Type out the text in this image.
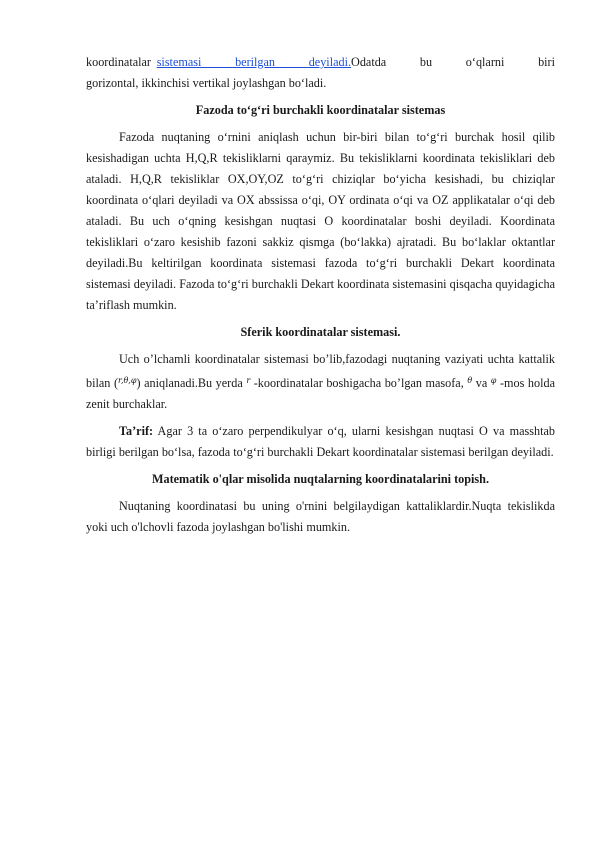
koordinatalar sistemasi berilgan deyiladi.Odatda bu o‘qlarni biri

gorizontal, ikkinchisi vertikal joylashgan bo‘ladi.

Fazoda to‘g‘ri burchakli koordinatalar sistemas

Fazoda nuqtaning o‘rnini aniqlash uchun bir-biri bilan to‘g‘ri burchak hosil qilib kesishadigan uchta H,Q,R tekisliklarni qaraymiz. Bu tekisliklarni koordinata tekisliklari deb ataladi. H,Q,R tekisliklar OX,OY,OZ to‘g‘ri chiziqlar bo‘yicha kesishadi, bu chiziqlar koordinata o‘qlari deyiladi va OX abssissa o‘qi, OY ordinata o‘qi va OZ applikatalar o‘qi deb ataladi. Bu uch o‘qning kesishgan nuqtasi O koordinatalar boshi deyiladi. Koordinata tekisliklari o‘zaro kesishib fazoni sakkiz qismga (bo‘lakka) ajratadi. Bu bo‘laklar oktantlar deyiladi.Bu keltirilgan koordinata sistemasi fazoda to‘g‘ri burchakli Dekart koordinata sistemasi deyiladi. Fazoda to‘g‘ri burchakli Dekart koordinata sistemasini qisqacha quyidagicha ta’riflash mumkin.

Sferik koordinatalar sistemasi.

Uch o’lchamli koordinatalar sistemasi bo’lib,fazodagi nuqtaning vaziyati uchta kattalik bilan ($^{r,\theta,\varphi}$) aniqlanadi.Bu yerda $^r$ -koordinatalar boshigacha bo’lgan masofa, $^\theta$ va $^\varphi$ -mos holda zenit burchaklar.

Ta’rif: Agar 3 ta o‘zaro perpendikulyar o‘q, ularni kesishgan nuqtasi O va masshtab birligi berilgan bo‘lsa, fazoda to‘g‘ri burchakli Dekart koordinatalar sistemasi berilgan deyiladi.

Matematik o'qlar misolida nuqtalarning koordinatalarini topish.

Nuqtaning koordinatasi bu uning o'rnini belgilaydigan kattaliklardir.Nuqta tekislikda yoki uch o'lchovli fazoda joylashgan bo'lishi mumkin.
